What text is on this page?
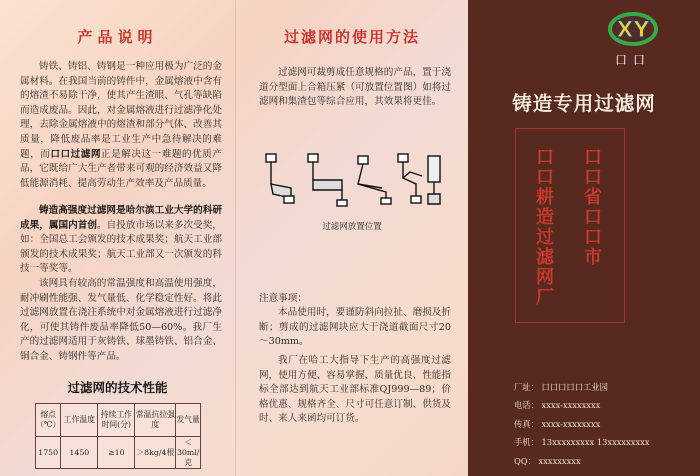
产品说明

铸铁、铸铝、铸钢是一种应用极为广泛的金属材料。在我国当前的铸件中，金属熔液中含有的熔渣不易除干净，使其产生渣眼、气孔等缺陷而造成废品。因此，对金属熔液进行过滤净化处理，去除金属熔液中的熔渣和部分气体、改善其质量，降低废品率是工业生产中急待解决的难题，而口口过滤网正是解决这一难题的优质产品，它既给广大生产者带来可观的经济效益又降低能源消耗、提高劳动生产效率及产品质量。

铸造高强度过滤网是哈尔滨工业大学的科研成果，属国内首创。自投放市场以来多次受奖，如：全国总工会颁发的技术成果奖；航天工业部颁发的技术成果奖；航天工业部又一次颁发的科技一等奖等。

该网具有较高的常温强度和高温使用强度，耐冲刷性能强、发气量低、化学稳定性好。将此过滤网放置在浇注系统中对金属熔液进行过滤净化，可使其铸件废品率降低50—60%。我厂生产的过滤网适用于灰铸铁、球墨铸铁、铝合金、铜合金、铸钢件等产品。

过滤网的技术性能
熔点（℃）	工作温度	持续工作时间(分)	常温抗拉强度	发气量
1750	1450	≥10	＞8kg/4根	＜30ml/克
过滤网的使用方法

过滤网可裁剪成任意规格的产品，置于浇道分型面上合箱压紧（可放置位置图）如将过滤网和集渣包等综合应用，其效果将更佳。

过滤网放置位置

注意事项：

本品使用时，要谨防斜向拉扯、磨损及折断；剪成的过滤网块应大于浇道截面尺寸20～30mm。

我厂在哈工大指导下生产的高强度过滤网，使用方便、容易掌握、质量优良、性能指标全部达到航天工业部标准QJ999—89；价格优惠、规格齐全、尺寸可任意订制、供货及时、来人来函均可订货。

XY

口口

铸造专用过滤网

口口省口口市

口口耕造过滤网厂

厂址： 口口口口口工业园

电话： xxxx-xxxxxxxx

传真： xxxx-xxxxxxxx

手机： 13xxxxxxxxx 13xxxxxxxxx

QQ： xxxxxxxxx
